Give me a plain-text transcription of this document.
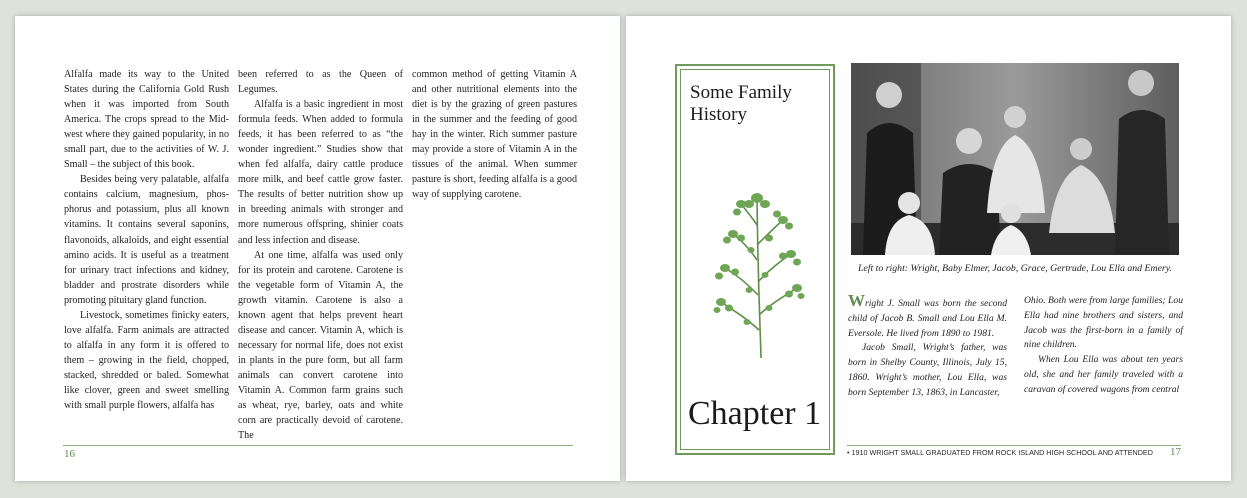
Alfalfa made its way to the United States during the California Gold Rush when it was imported from South America. The crops spread to the Mid-west where they gained popularity, in no small part, due to the activities of W. J. Small – the subject of this book.

Besides being very palatable, alfalfa contains calcium, magnesium, phos-phorus and potassium, plus all known vitamins. It contains several saponins, flavonoids, alkaloids, and eight essential amino acids. It is useful as a treatment for urinary tract infections and kidney, bladder and prostrate disorders while promoting pituitary gland function.

Livestock, sometimes finicky eaters, love alfalfa. Farm animals are attracted to alfalfa in any form it is offered to them – growing in the field, chopped, stacked, shredded or baled. Somewhat like clover, green and sweet smelling with small purple flowers, alfalfa has

been referred to as the Queen of Legumes.

Alfalfa is a basic ingredient in most formula feeds. When added to formula feeds, it has been referred to as “the wonder ingredient.” Studies show that when fed alfalfa, dairy cattle produce more milk, and beef cattle grow faster. The results of better nutrition show up in breeding animals with stronger and more numerous offspring, shinier coats and less infection and disease.

At one time, alfalfa was used only for its protein and carotene. Carotene is the vegetable form of Vitamin A, the growth vitamin. Carotene is also a known agent that helps prevent heart disease and cancer. Vitamin A, which is necessary for normal life, does not exist in plants in the pure form, but all farm animals can convert carotene into Vitamin A. Common farm grains such as wheat, rye, barley, oats and white corn are practically devoid of carotene. The

common method of getting Vitamin A and other nutritional elements into the diet is by the grazing of green pastures in the summer and the feeding of good hay in the winter. Rich summer pasture may provide a store of Vitamin A in the tissues of the animal. When summer pasture is short, feeding alfalfa is a good way of supplying carotene.

16
Some Family History
Chapter 1
Left to right: Wright, Baby Elmer, Jacob, Grace, Gertrude, Lou Ella and Emery.

Wright J. Small was born the second child of Jacob B. Small and Lou Ella M. Eversole. He lived from 1890 to 1981.

Jacob Small, Wright’s father, was born in Shelby County, Illinois, July 15, 1860. Wright’s mother, Lou Ella, was born September 13, 1863, in Lancaster,

Ohio. Both were from large families; Lou Ella had nine brothers and sisters, and Jacob was the first-born in a family of nine children.

When Lou Ella was about ten years old, she and her family traveled with a caravan of covered wagons from central

• 1910 WRIGHT SMALL GRADUATED FROM ROCK ISLAND HIGH SCHOOL AND ATTENDED 17
